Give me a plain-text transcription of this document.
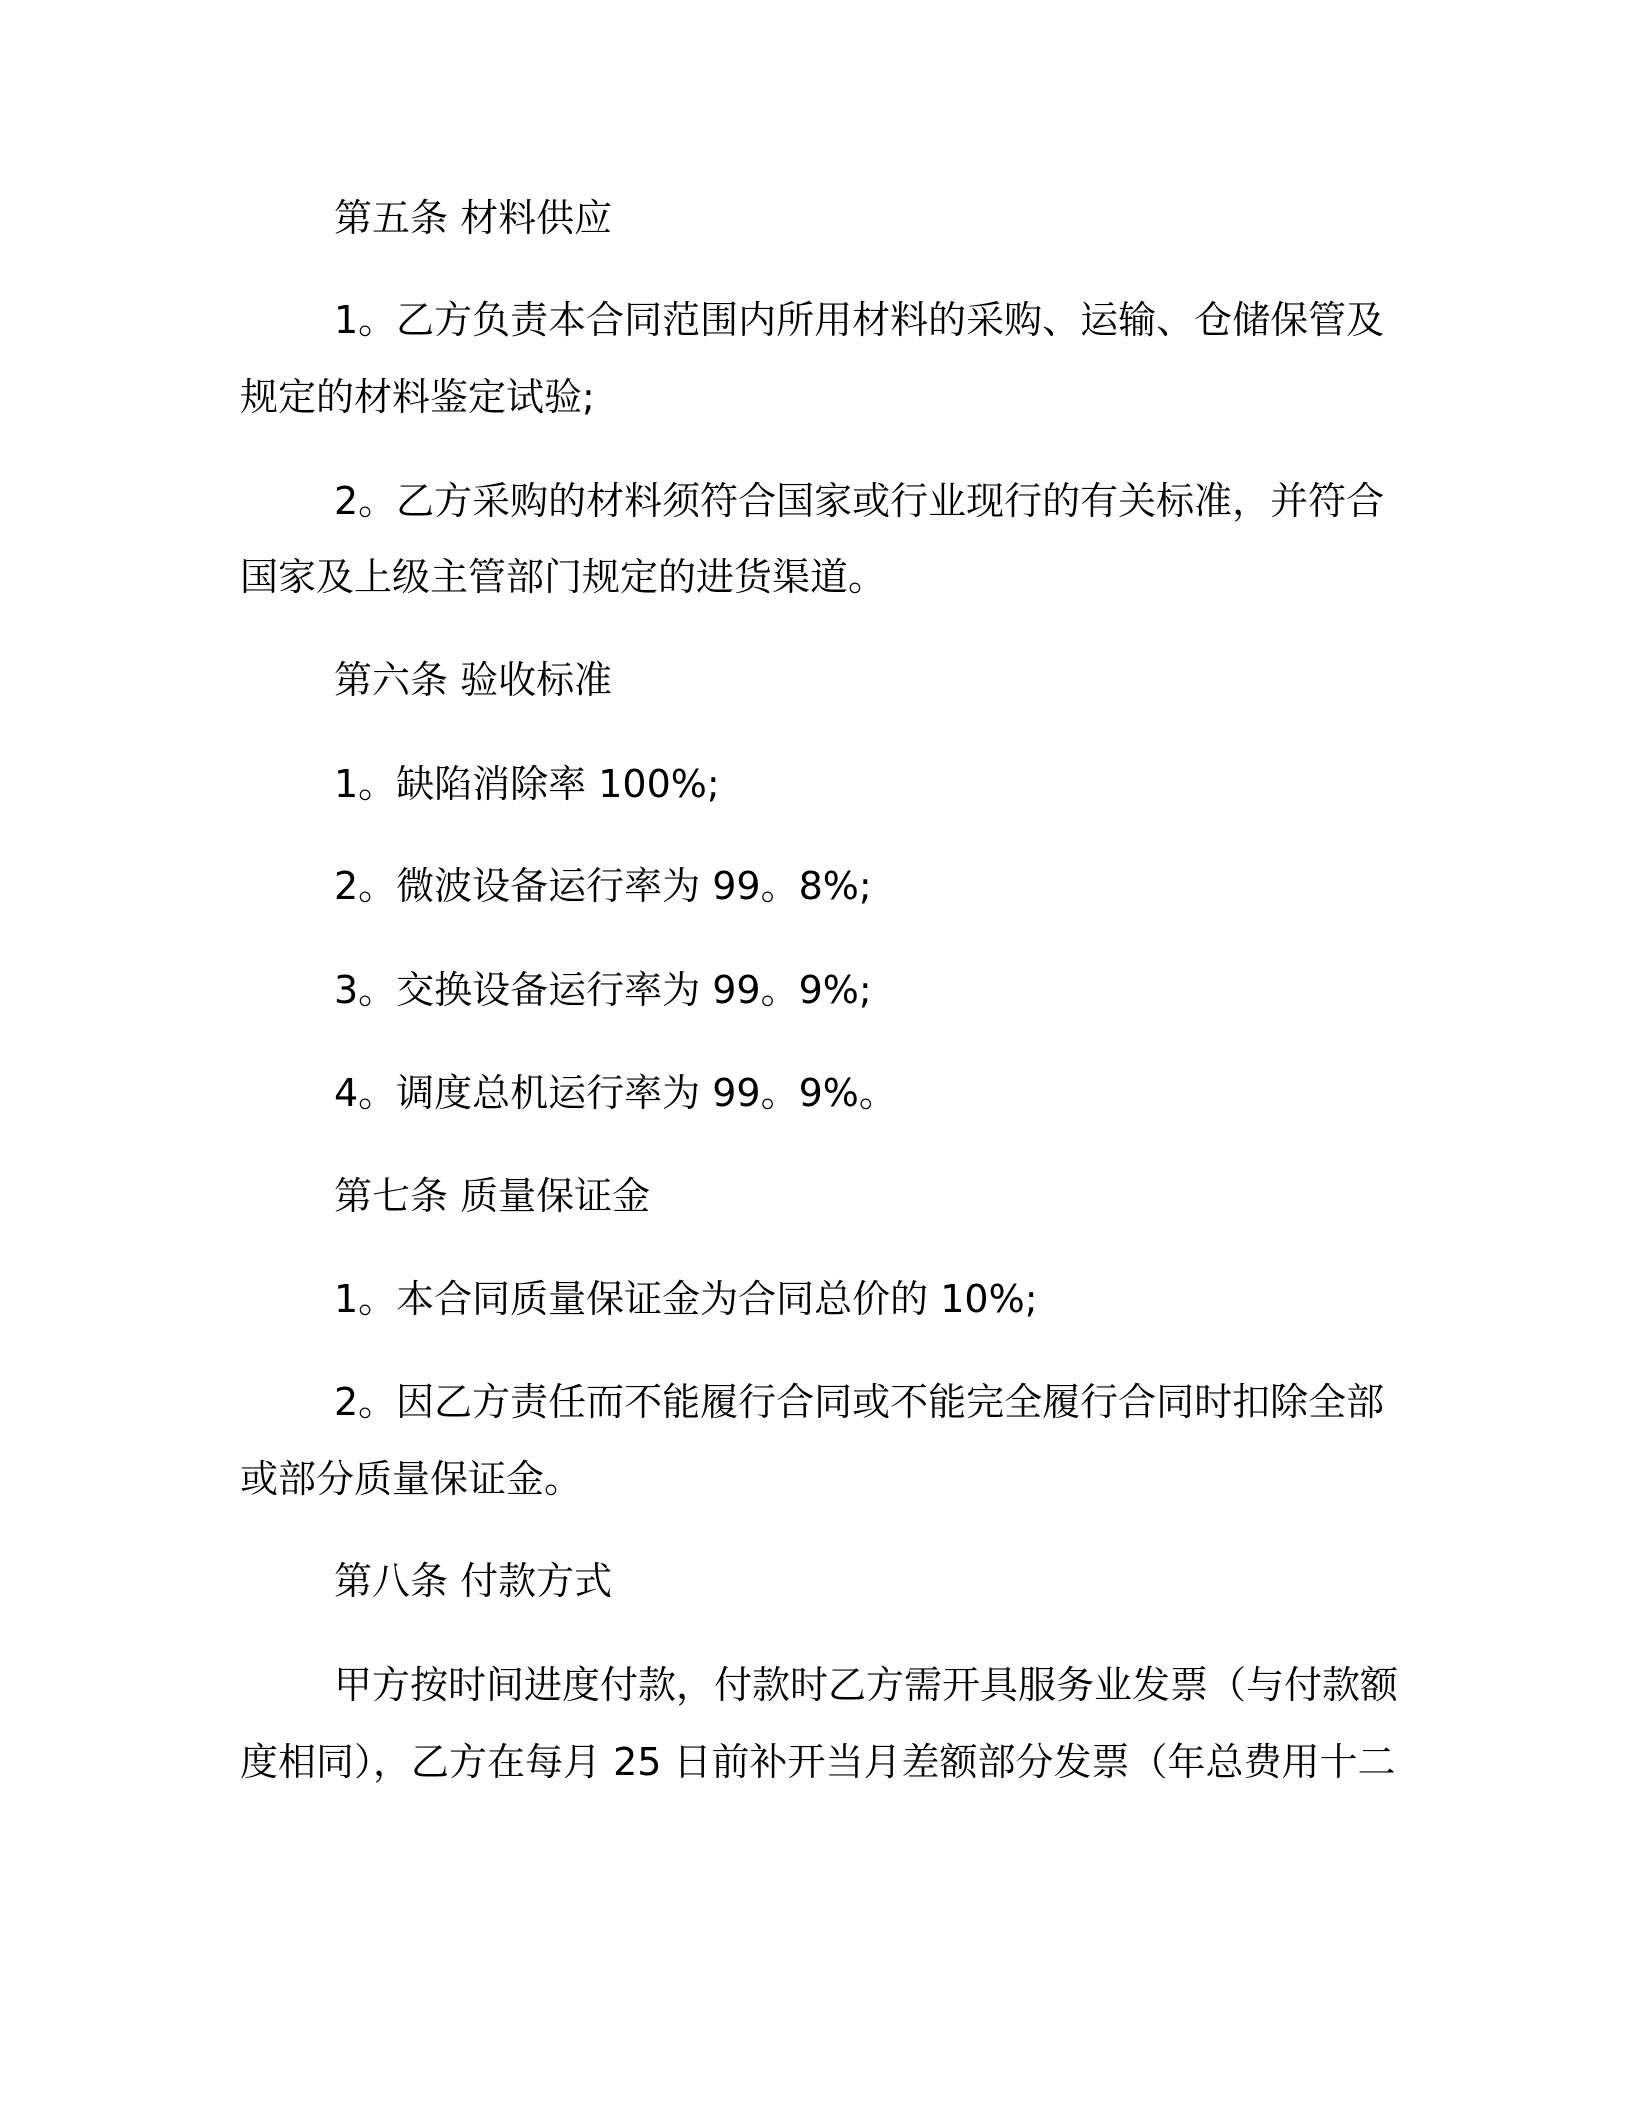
第五条 材料供应
1。乙方负责本合同范围内所用材料的采购、运输、仓储保管及
规定的材料鉴定试验;
2。乙方采购的材料须符合国家或行业现行的有关标准，并符合
国家及上级主管部门规定的进货渠道。
第六条 验收标准
1。缺陷消除率 100%;
2。微波设备运行率为 99。8%;
3。交换设备运行率为 99。9%;
4。调度总机运行率为 99。9%。
第七条 质量保证金
1。本合同质量保证金为合同总价的 10%;
2。因乙方责任而不能履行合同或不能完全履行合同时扣除全部
或部分质量保证金。
第八条 付款方式
甲方按时间进度付款，付款时乙方需开具服务业发票（与付款额
度相同），乙方在每月 25 日前补开当月差额部分发票（年总费用十二
